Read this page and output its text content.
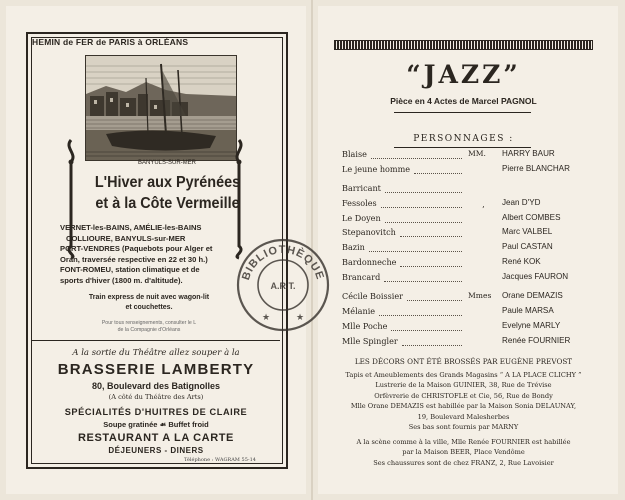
HEMIN de FER de PARIS à ORLÉANS
BANYULS-SUR-MER
L'Hiver aux Pyrénées
et à la Côte Vermeille

VERNET-les-BAINS, AMÉLIE-les-BAINS

COLLIOURE, BANYULS-sur-MER

PORT-VENDRES (Paquebots pour Alger et

Oran, traversée respective en 22 et 30 h.)

FONT-ROMEU, station climatique et de

sports d'hiver (1800 m. d'altitude).

Train express de nuit avec wagon-lit
et couchettes.
Pour tous renseignements, consulter le L
de la Compagnie d'Orléans
A la sortie du Théâtre allez souper à la
BRASSERIE LAMBERTY
80, Boulevard des Batignolles
(A côté du Théâtre des Arts)
SPÉCIALITÉS D'HUITRES DE CLAIRE
Soupe gratinée ☙ Buffet froid
RESTAURANT A LA CARTE
DÉJEUNERS - DINERS
Téléphone : WAGRAM 55-14
BIBLIOTHÈQUE
A.R.T.
★	★
“JAZZ”
Pièce en 4 Actes de Marcel PAGNOL
PERSONNAGES :
Blaise	MM. HARRY BAUR
Le jeune homme	Pierre BLANCHAR
Barricant
Fessoles	Jean D'YD
’
Le Doyen	Albert COMBES
Stepanovitch	Marc VALBEL
Bazin	Paul CASTAN
Bardonneche	René KOK
Brancard	Jacques FAURON
Cécile Boissier	Mmes Orane DEMAZIS
Mélanie	Paule MARSA
Mlle Poche	Evelyne MARLY
Mlle Spingler	Renée FOURNIER

LES DÉCORS ONT ÉTÉ BROSSÉS PAR EUGÈNE PREVOST

Tapis et Ameublements des Grands Magasins “ A LA PLACE CLICHY ”

Lustrerie de la Maison GUINIER, 38, Rue de Trévise

Orfèvrerie de CHRISTOFLE et Cie, 56, Rue de Bondy

Mlle Orane DEMAZIS est habillée par la Maison Sonia DELAUNAY,

19, Boulevard Malesherbes

Ses bas sont fournis par MARNY

A la scène comme à la ville, Mlle Renée FOURNIER est habillée

par la Maison BEER, Place Vendôme

Ses chaussures sont de chez FRANZ, 2, Rue Lavoisier
